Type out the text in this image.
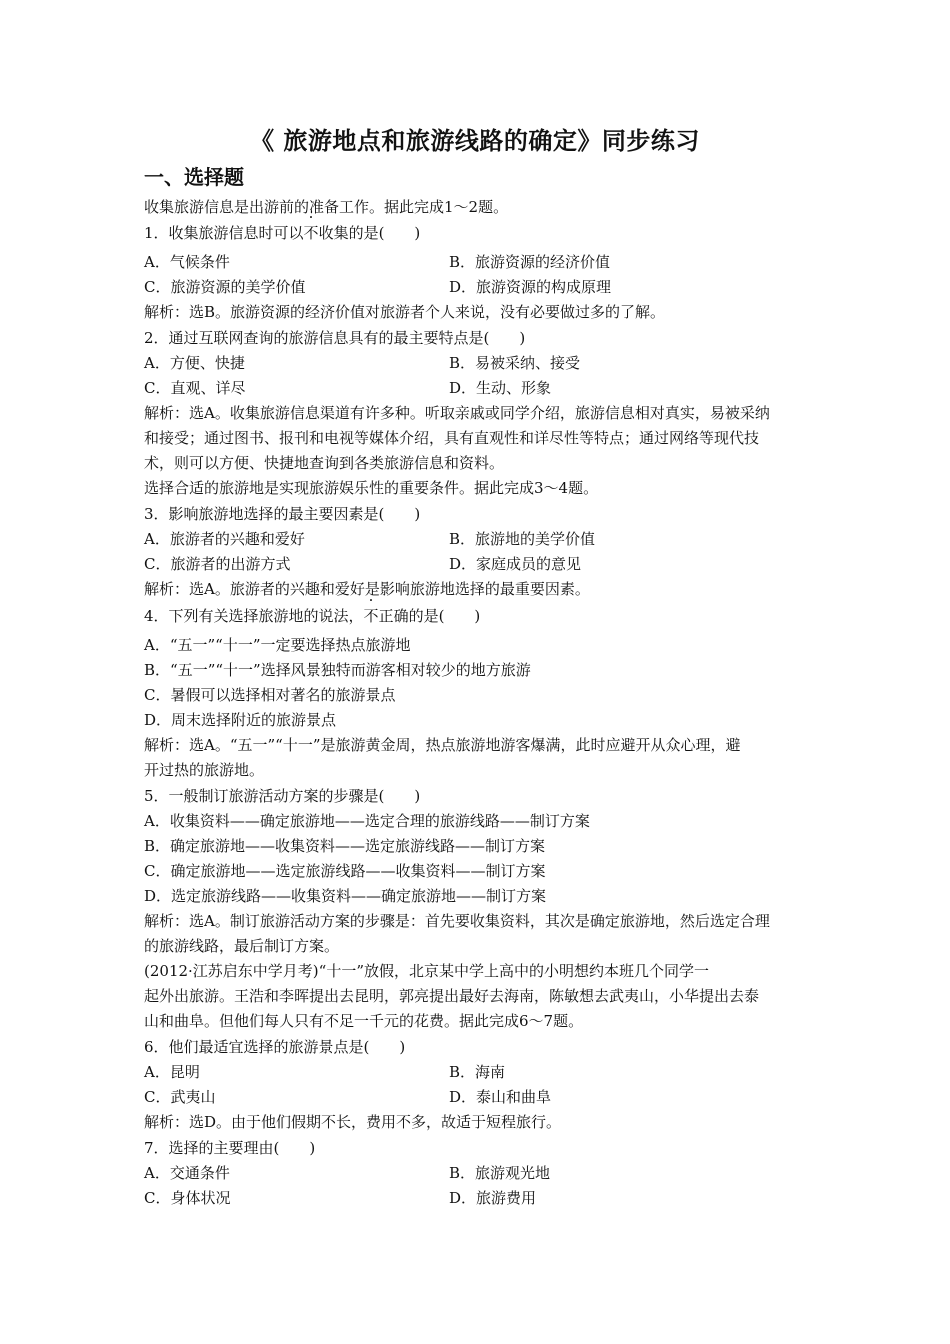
《 旅游地点和旅游线路的确定》同步练习
一、选择题
收集旅游信息是出游前的准备工作。据此完成1～2题。
1．收集旅游信息时可以不收集的是(　　)
A．气候条件	B．旅游资源的经济价值
C．旅游资源的美学价值	D．旅游资源的构成原理
解析：选B。旅游资源的经济价值对旅游者个人来说，没有必要做过多的了解。
2．通过互联网查询的旅游信息具有的最主要特点是(　　)
A．方便、快捷	B．易被采纳、接受
C．直观、详尽	D．生动、形象
解析：选A。收集旅游信息渠道有许多种。听取亲戚或同学介绍，旅游信息相对真实，易被采纳
和接受；通过图书、报刊和电视等媒体介绍，具有直观性和详尽性等特点；通过网络等现代技
术，则可以方便、快捷地查询到各类旅游信息和资料。
选择合适的旅游地是实现旅游娱乐性的重要条件。据此完成3～4题。
3．影响旅游地选择的最主要因素是(　　)
A．旅游者的兴趣和爱好	B．旅游地的美学价值
C．旅游者的出游方式	D．家庭成员的意见
解析：选A。旅游者的兴趣和爱好是影响旅游地选择的最重要因素。
4．下列有关选择旅游地的说法，不正确的是(　　)
A．“五一”“十一”一定要选择热点旅游地
B．“五一”“十一”选择风景独特而游客相对较少的地方旅游
C．暑假可以选择相对著名的旅游景点
D．周末选择附近的旅游景点
解析：选A。“五一”“十一”是旅游黄金周，热点旅游地游客爆满，此时应避开从众心理，避
开过热的旅游地。
5．一般制订旅游活动方案的步骤是(　　)
A．收集资料——确定旅游地——选定合理的旅游线路——制订方案
B．确定旅游地——收集资料——选定旅游线路——制订方案
C．确定旅游地——选定旅游线路——收集资料——制订方案
D．选定旅游线路——收集资料——确定旅游地——制订方案
解析：选A。制订旅游活动方案的步骤是：首先要收集资料，其次是确定旅游地，然后选定合理
的旅游线路，最后制订方案。
(2012·江苏启东中学月考)“十一”放假，北京某中学上高中的小明想约本班几个同学一
起外出旅游。王浩和李晖提出去昆明，郭亮提出最好去海南，陈敏想去武夷山，小华提出去泰
山和曲阜。但他们每人只有不足一千元的花费。据此完成6～7题。
6．他们最适宜选择的旅游景点是(　　)
A．昆明	B．海南
C．武夷山	D．泰山和曲阜
解析：选D。由于他们假期不长，费用不多，故适于短程旅行。
7．选择的主要理由(　　)
A．交通条件	B．旅游观光地
C．身体状况	D．旅游费用
